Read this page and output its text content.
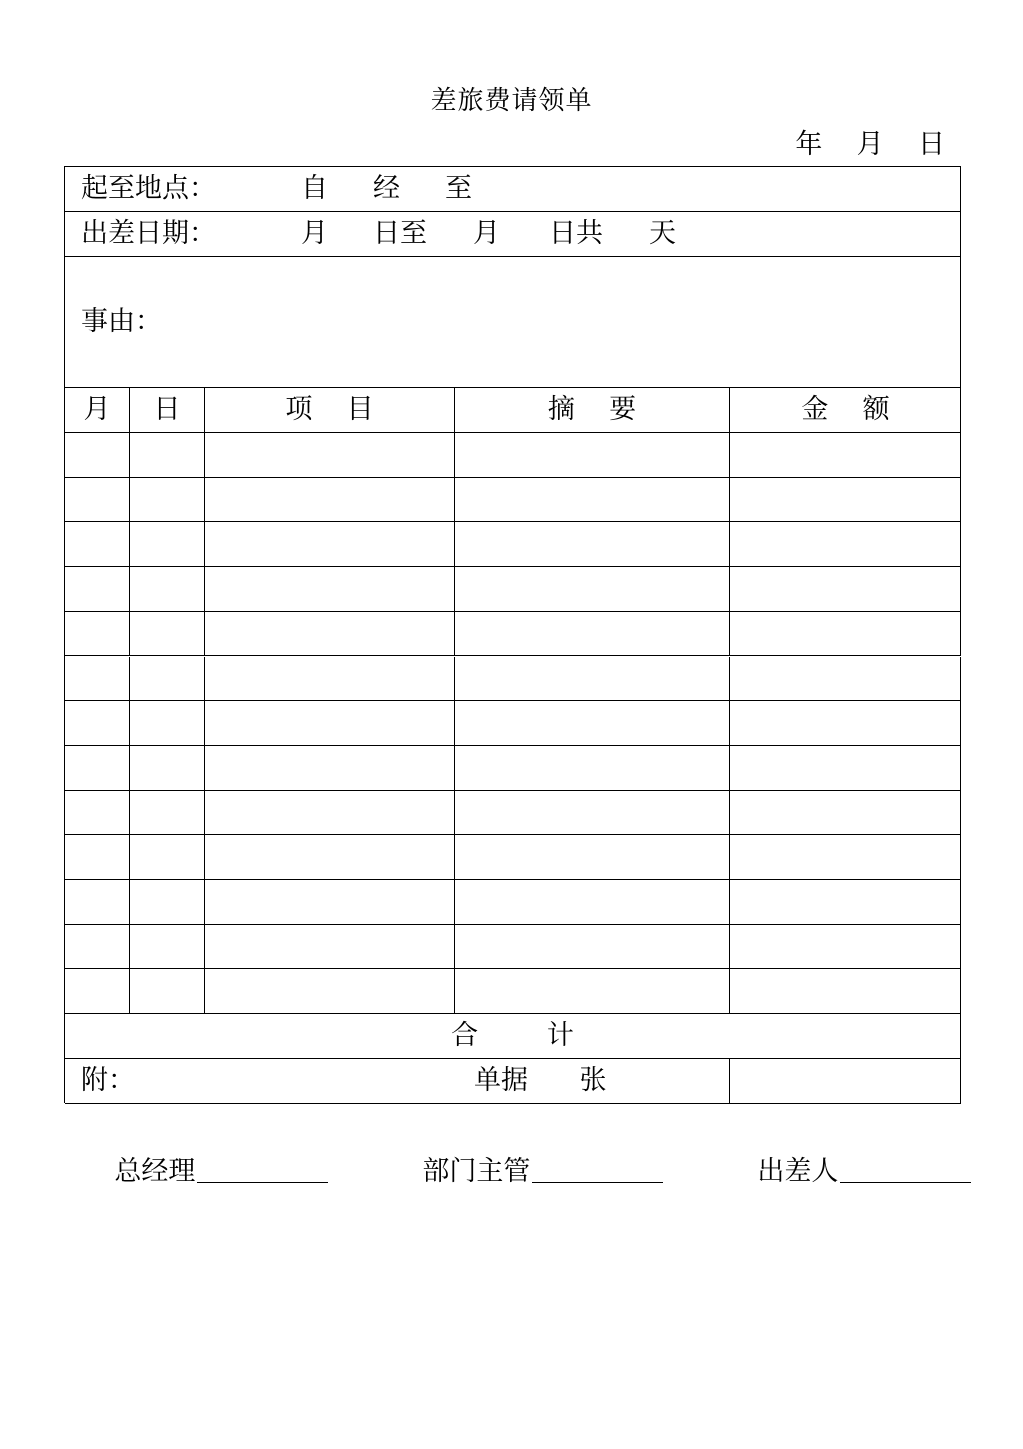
差旅费请领单
年    月    日
起至地点：	自 经 至
出差日期：	月 日至 月 日共 天
事由：
月	日	项    目	摘    要	金    额
合        计
附：	单据      张

总经理
	部门主管
	出差人
